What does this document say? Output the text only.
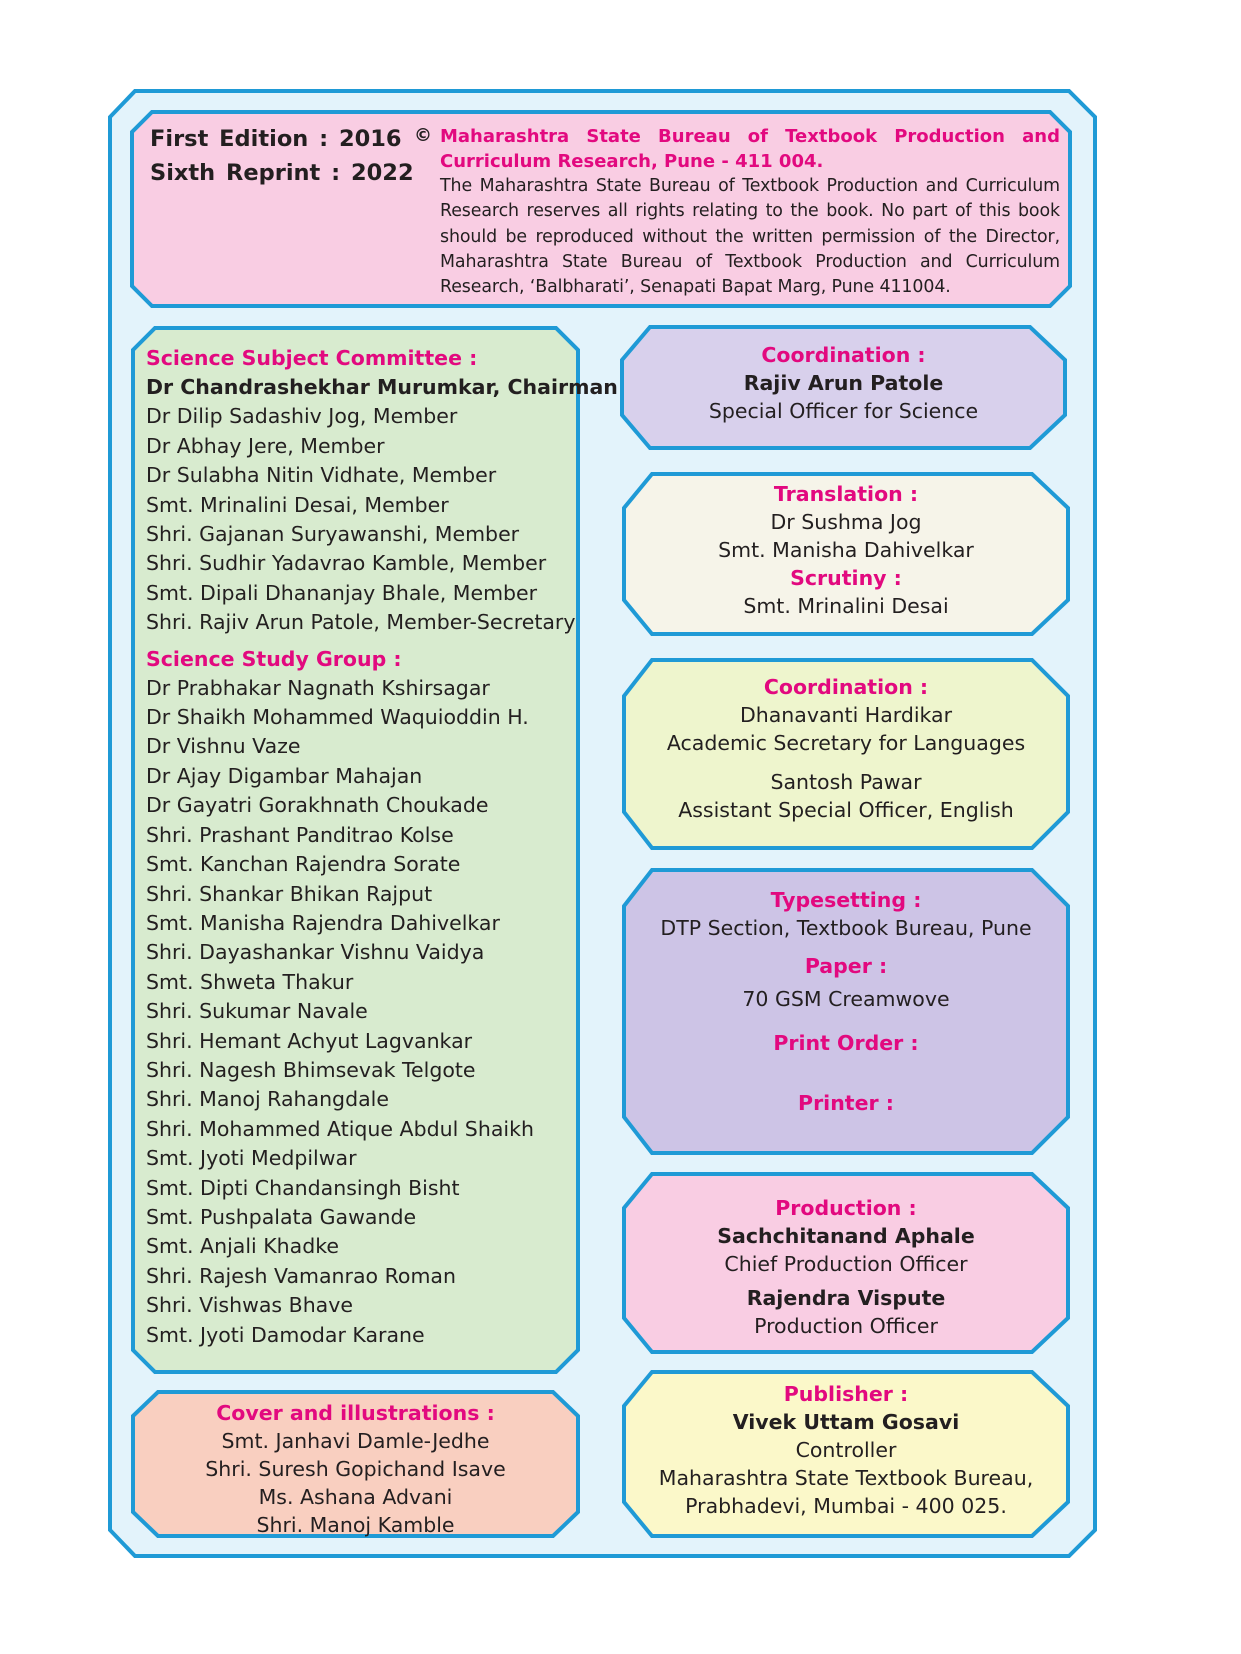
First Edition : 2016
Sixth Reprint : 2022
© Maharashtra State Bureau of Textbook Production and
Curriculum Research, Pune - 411 004.
The Maharashtra State Bureau of Textbook Production and Curriculum
Research reserves all rights relating to the book. No part of this book
should be reproduced without the written permission of the Director,
Maharashtra State Bureau of Textbook Production and Curriculum
Research, ‘Balbharati’, Senapati Bapat Marg, Pune 411004.
Science Subject Committee :
Dr Chandrashekhar Murumkar, Chairman
Dr Dilip Sadashiv Jog, Member
Dr Abhay Jere, Member
Dr Sulabha Nitin Vidhate, Member
Smt. Mrinalini Desai, Member
Shri. Gajanan Suryawanshi, Member
Shri. Sudhir Yadavrao Kamble, Member
Smt. Dipali Dhananjay Bhale, Member
Shri. Rajiv Arun Patole, Member-Secretary
Science Study Group :
Dr Prabhakar Nagnath Kshirsagar
Dr Shaikh Mohammed Waquioddin H.
Dr Vishnu Vaze
Dr Ajay Digambar Mahajan
Dr Gayatri Gorakhnath Choukade
Shri. Prashant Panditrao Kolse
Smt. Kanchan Rajendra Sorate
Shri. Shankar Bhikan Rajput
Smt. Manisha Rajendra Dahivelkar
Shri. Dayashankar Vishnu Vaidya
Smt. Shweta Thakur
Shri. Sukumar Navale
Shri. Hemant Achyut Lagvankar
Shri. Nagesh Bhimsevak Telgote
Shri. Manoj Rahangdale
Shri. Mohammed Atique Abdul Shaikh
Smt. Jyoti Medpilwar
Smt. Dipti Chandansingh Bisht
Smt. Pushpalata Gawande
Smt. Anjali Khadke
Shri. Rajesh Vamanrao Roman
Shri. Vishwas Bhave
Smt. Jyoti Damodar Karane
Cover and illustrations :
Smt. Janhavi Damle-Jedhe
Shri. Suresh Gopichand Isave
Ms. Ashana Advani
Shri. Manoj Kamble
Coordination :
Rajiv Arun Patole
Special Officer for Science
Translation :
Dr Sushma Jog
Smt. Manisha Dahivelkar
Scrutiny :
Smt. Mrinalini Desai
Coordination :
Dhanavanti Hardikar
Academic Secretary for Languages
Santosh Pawar
Assistant Special Officer, English
Typesetting :
DTP Section, Textbook Bureau, Pune
Paper :
70 GSM Creamwove
Print Order :
Printer :
Production :
Sachchitanand Aphale
Chief Production Officer
Rajendra Vispute
Production Officer
Publisher :
Vivek Uttam Gosavi
Controller
Maharashtra State Textbook Bureau,
Prabhadevi, Mumbai - 400 025.
